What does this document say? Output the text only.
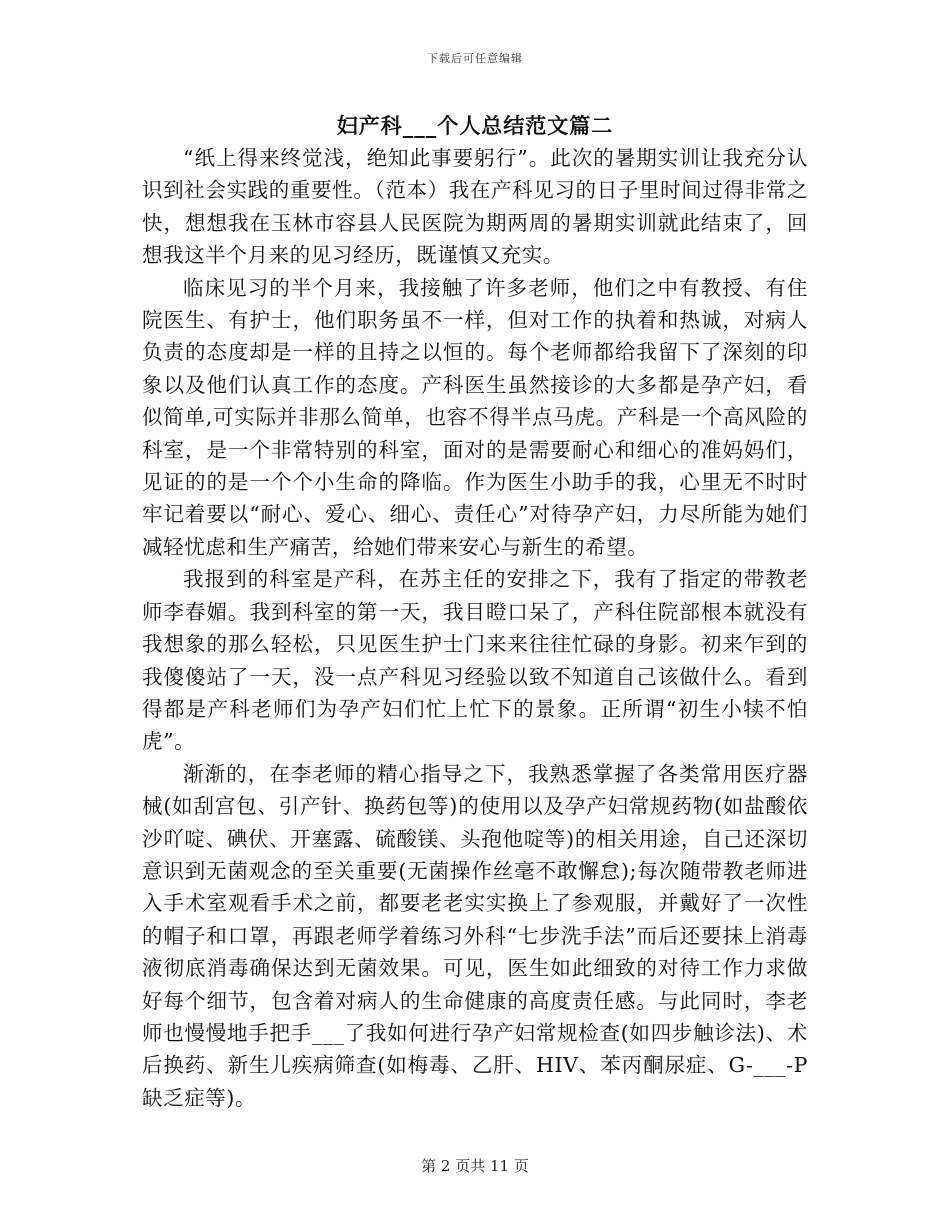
下载后可任意编辑
妇产科___个人总结范文篇二

“纸上得来终觉浅，绝知此事要躬行”。此次的暑期实训让我充分认识到社会实践的重要性。（范本）我在产科见习的日子里时间过得非常之快，想想我在玉林市容县人民医院为期两周的暑期实训就此结束了，回想我这半个月来的见习经历，既谨慎又充实。

临床见习的半个月来，我接触了许多老师，他们之中有教授、有住院医生、有护士，他们职务虽不一样，但对工作的执着和热诚，对病人负责的态度却是一样的且持之以恒的。每个老师都给我留下了深刻的印象以及他们认真工作的态度。产科医生虽然接诊的大多都是孕产妇，看似简单,可实际并非那么简单，也容不得半点马虎。产科是一个高风险的科室，是一个非常特别的科室，面对的是需要耐心和细心的准妈妈们，见证的的是一个个小生命的降临。作为医生小助手的我，心里无不时时牢记着要以“耐心、爱心、细心、责任心”对待孕产妇，力尽所能为她们减轻忧虑和生产痛苦，给她们带来安心与新生的希望。

我报到的科室是产科，在苏主任的安排之下，我有了指定的带教老师李春媚。我到科室的第一天，我目瞪口呆了，产科住院部根本就没有我想象的那么轻松，只见医生护士门来来往往忙碌的身影。初来乍到的我傻傻站了一天，没一点产科见习经验以致不知道自己该做什么。看到得都是产科老师们为孕产妇们忙上忙下的景象。正所谓“初生小犊不怕虎”。

渐渐的，在李老师的精心指导之下，我熟悉掌握了各类常用医疗器械(如刮宫包、引产针、换药包等)的使用以及孕产妇常规药物(如盐酸依沙吖啶、碘伏、开塞露、硫酸镁、头孢他啶等)的相关用途，自己还深切意识到无菌观念的至关重要(无菌操作丝毫不敢懈怠);每次随带教老师进入手术室观看手术之前，都要老老实实换上了参观服，并戴好了一次性的帽子和口罩，再跟老师学着练习外科“七步洗手法”而后还要抹上消毒液彻底消毒确保达到无菌效果。可见，医生如此细致的对待工作力求做好每个细节，包含着对病人的生命健康的高度责任感。与此同时，李老师也慢慢地手把手___了我如何进行孕产妇常规检查(如四步触诊法)、术后换药、新生儿疾病筛查(如梅毒、乙肝、HIV、苯丙酮尿症、G-___-P缺乏症等)。

第 2 页共 11 页
